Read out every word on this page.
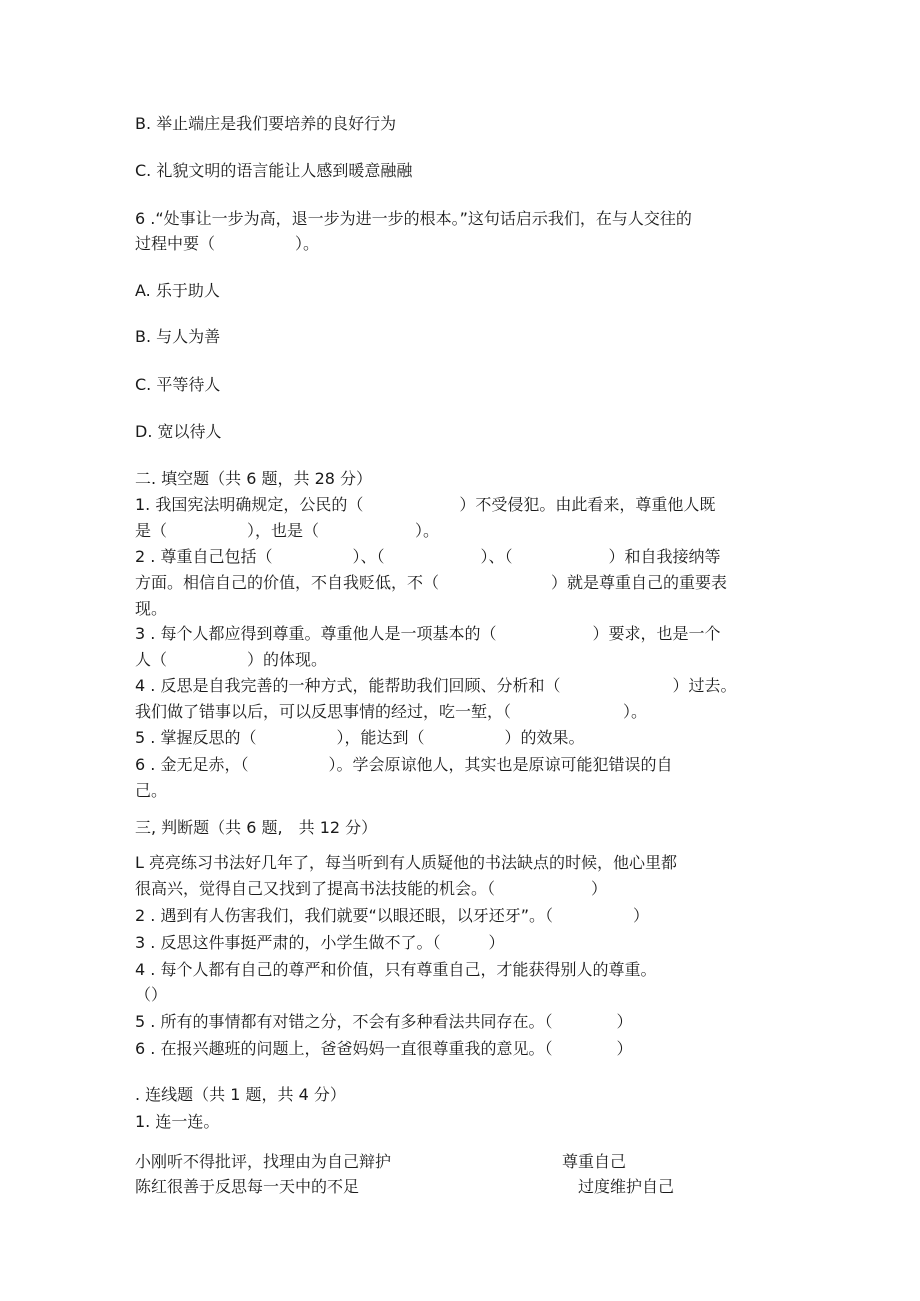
B. 举止端庄是我们要培养的良好行为
C. 礼貌文明的语言能让人感到暖意融融
6 .“处事让一步为高，退一步为进一步的根本。”这句话启示我们，在与人交往的
过程中要（　　　　　）。
A. 乐于助人
B. 与人为善
C. 平等待人
D. 宽以待人
二. 填空题（共 6 题，共 28 分）
1. 我国宪法明确规定，公民的（　　　　　　）不受侵犯。由此看来，尊重他人既
是（　　　　　），也是（　　　　　　）。
2 . 尊重自己包括（　　　　　）、（　　　　　　）、（　　　　　　）和自我接纳等
方面。相信自己的价值，不自我贬低，不（　　　　　　　）就是尊重自己的重要表
现。
3 . 每个人都应得到尊重。尊重他人是一项基本的（　　　　　　）要求，也是一个
人（　　　　　）的体现。
4 . 反思是自我完善的一种方式，能帮助我们回顾、分析和（　　　　　　　）过去。
我们做了错事以后，可以反思事情的经过，吃一堑，（　　　　　　　）。
5 . 掌握反思的（　　　　　），能达到（　　　　　）的效果。
6 . 金无足赤，（　　　　　）。学会原谅他人，其实也是原谅可能犯错误的自
己。
三, 判断题（共 6 题,　共 12 分）
L 亮亮练习书法好几年了，每当听到有人质疑他的书法缺点的时候，他心里都
很高兴，觉得自己又找到了提高书法技能的机会。（　　　　　　）
2 . 遇到有人伤害我们，我们就要“以眼还眼，以牙还牙”。（　　　　　）
3 . 反思这件事挺严肃的，小学生做不了。（　　　）
4 . 每个人都有自己的尊严和价值，只有尊重自己，才能获得别人的尊重。
（）
5 . 所有的事情都有对错之分，不会有多种看法共同存在。（　　　　）
6 . 在报兴趣班的问题上，爸爸妈妈一直很尊重我的意见。（　　　　）
. 连线题（共 1 题，共 4 分）
1. 连一连。
小刚听不得批评，找理由为自己辩护	尊重自己
陈红很善于反思每一天中的不足	过度维护自己
